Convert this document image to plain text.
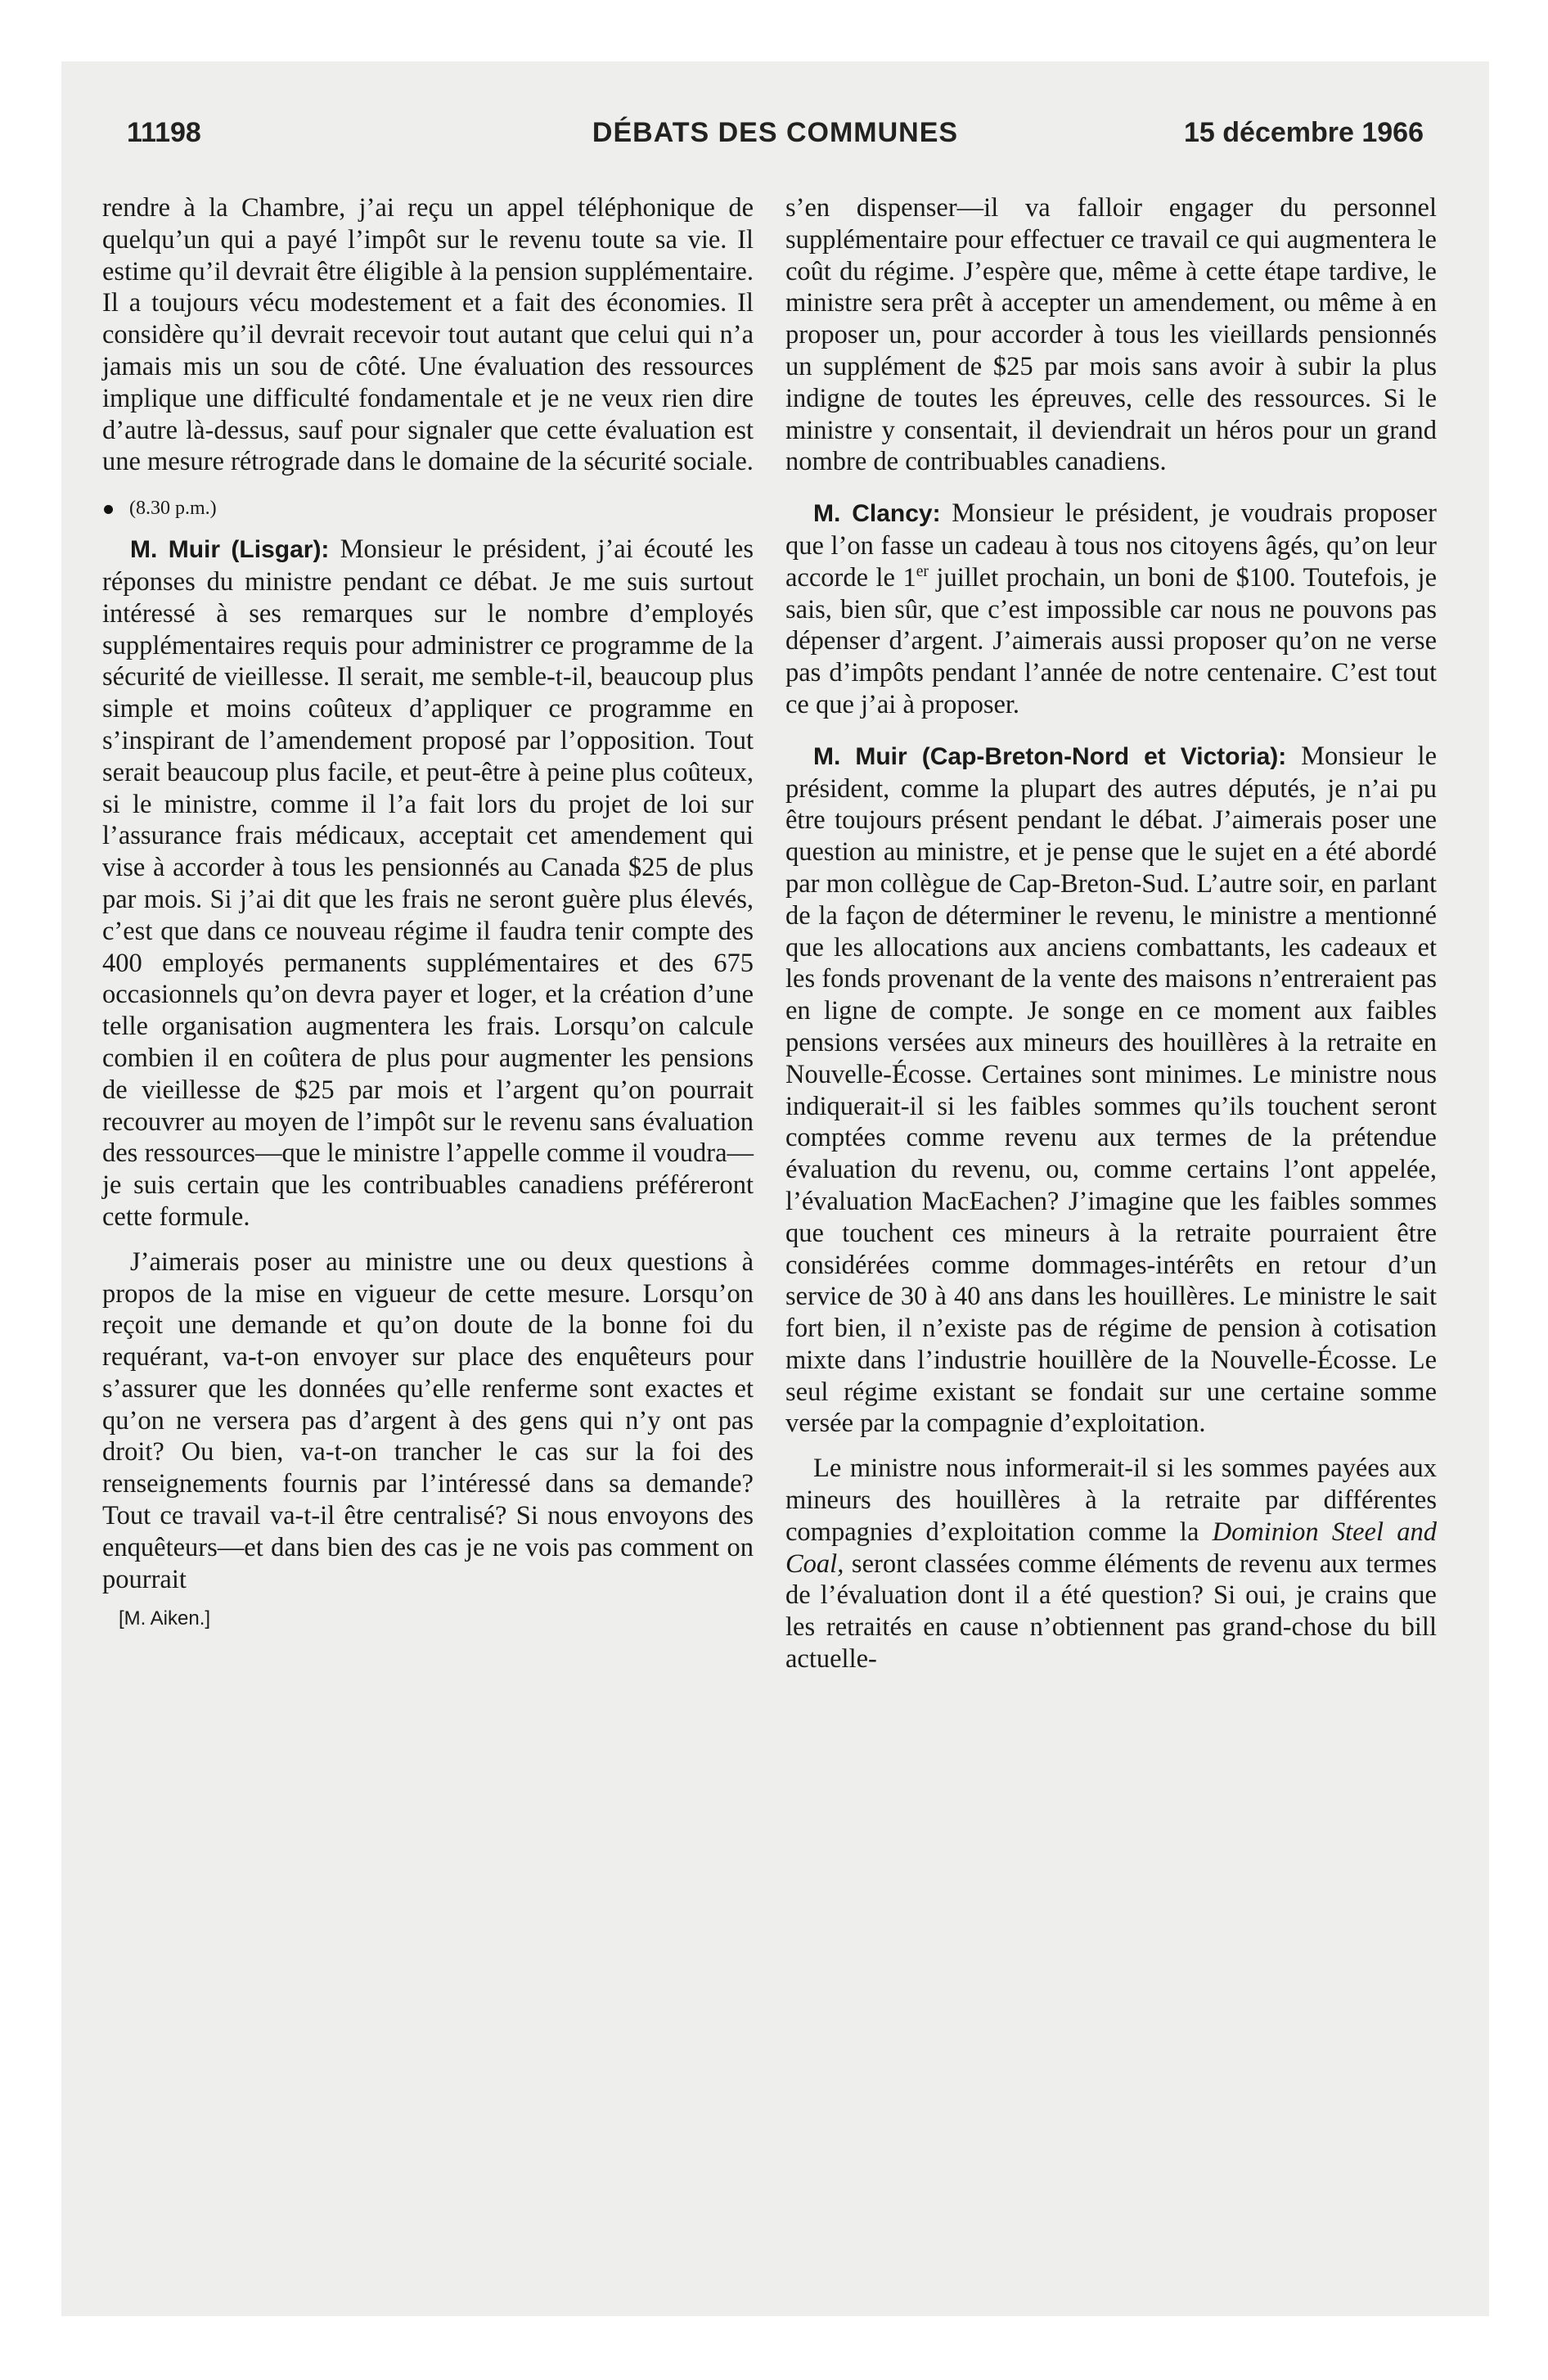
11198	DÉBATS DES COMMUNES	15 décembre 1966

rendre à la Chambre, j’ai reçu un appel téléphonique de quelqu’un qui a payé l’impôt sur le revenu toute sa vie. Il estime qu’il devrait être éligible à la pension supplémentaire. Il a toujours vécu modestement et a fait des économies. Il considère qu’il devrait recevoir tout autant que celui qui n’a jamais mis un sou de côté. Une évaluation des ressources implique une difficulté fondamentale et je ne veux rien dire d’autre là-dessus, sauf pour signaler que cette évaluation est une mesure rétrograde dans le domaine de la sécurité sociale.

(8.30 p.m.)

M. Muir (Lisgar): Monsieur le président, j’ai écouté les réponses du ministre pendant ce débat. Je me suis surtout intéressé à ses remarques sur le nombre d’employés supplémentaires requis pour administrer ce programme de la sécurité de vieillesse. Il serait, me semble-t-il, beaucoup plus simple et moins coûteux d’appliquer ce programme en s’inspirant de l’amendement proposé par l’opposition. Tout serait beaucoup plus facile, et peut-être à peine plus coûteux, si le ministre, comme il l’a fait lors du projet de loi sur l’assurance frais médicaux, acceptait cet amendement qui vise à accorder à tous les pensionnés au Canada $25 de plus par mois. Si j’ai dit que les frais ne seront guère plus élevés, c’est que dans ce nouveau régime il faudra tenir compte des 400 employés permanents supplémentaires et des 675 occasionnels qu’on devra payer et loger, et la création d’une telle organisation augmentera les frais. Lorsqu’on calcule combien il en coûtera de plus pour augmenter les pensions de vieillesse de $25 par mois et l’argent qu’on pourrait recouvrer au moyen de l’impôt sur le revenu sans évaluation des ressources—que le ministre l’appelle comme il voudra—je suis certain que les contribuables canadiens préféreront cette formule.

J’aimerais poser au ministre une ou deux questions à propos de la mise en vigueur de cette mesure. Lorsqu’on reçoit une demande et qu’on doute de la bonne foi du requérant, va-t-on envoyer sur place des enquêteurs pour s’assurer que les données qu’elle renferme sont exactes et qu’on ne versera pas d’argent à des gens qui n’y ont pas droit? Ou bien, va-t-on trancher le cas sur la foi des renseignements fournis par l’intéressé dans sa demande? Tout ce travail va-t-il être centralisé? Si nous envoyons des enquêteurs—et dans bien des cas je ne vois pas comment on pourrait

[M. Aiken.]

s’en dispenser—il va falloir engager du personnel supplémentaire pour effectuer ce travail ce qui augmentera le coût du régime. J’espère que, même à cette étape tardive, le ministre sera prêt à accepter un amendement, ou même à en proposer un, pour accorder à tous les vieillards pensionnés un supplément de $25 par mois sans avoir à subir la plus indigne de toutes les épreuves, celle des ressources. Si le ministre y consentait, il deviendrait un héros pour un grand nombre de contribuables canadiens.

M. Clancy: Monsieur le président, je voudrais proposer que l’on fasse un cadeau à tous nos citoyens âgés, qu’on leur accorde le 1er juillet prochain, un boni de $100. Toutefois, je sais, bien sûr, que c’est impossible car nous ne pouvons pas dépenser d’argent. J’aimerais aussi proposer qu’on ne verse pas d’impôts pendant l’année de notre centenaire. C’est tout ce que j’ai à proposer.

M. Muir (Cap-Breton-Nord et Victoria): Monsieur le président, comme la plupart des autres députés, je n’ai pu être toujours présent pendant le débat. J’aimerais poser une question au ministre, et je pense que le sujet en a été abordé par mon collègue de Cap-Breton-Sud. L’autre soir, en parlant de la façon de déterminer le revenu, le ministre a mentionné que les allocations aux anciens combattants, les cadeaux et les fonds provenant de la vente des maisons n’entreraient pas en ligne de compte. Je songe en ce moment aux faibles pensions versées aux mineurs des houillères à la retraite en Nouvelle-Écosse. Certaines sont minimes. Le ministre nous indiquerait-il si les faibles sommes qu’ils touchent seront comptées comme revenu aux termes de la prétendue évaluation du revenu, ou, comme certains l’ont appelée, l’évaluation MacEachen? J’imagine que les faibles sommes que touchent ces mineurs à la retraite pourraient être considérées comme dommages-intérêts en retour d’un service de 30 à 40 ans dans les houillères. Le ministre le sait fort bien, il n’existe pas de régime de pension à cotisation mixte dans l’industrie houillère de la Nouvelle-Écosse. Le seul régime existant se fondait sur une certaine somme versée par la compagnie d’exploitation.

Le ministre nous informerait-il si les sommes payées aux mineurs des houillères à la retraite par différentes compagnies d’exploitation comme la Dominion Steel and Coal, seront classées comme éléments de revenu aux termes de l’évaluation dont il a été question? Si oui, je crains que les retraités en cause n’obtiennent pas grand-chose du bill actuelle-
